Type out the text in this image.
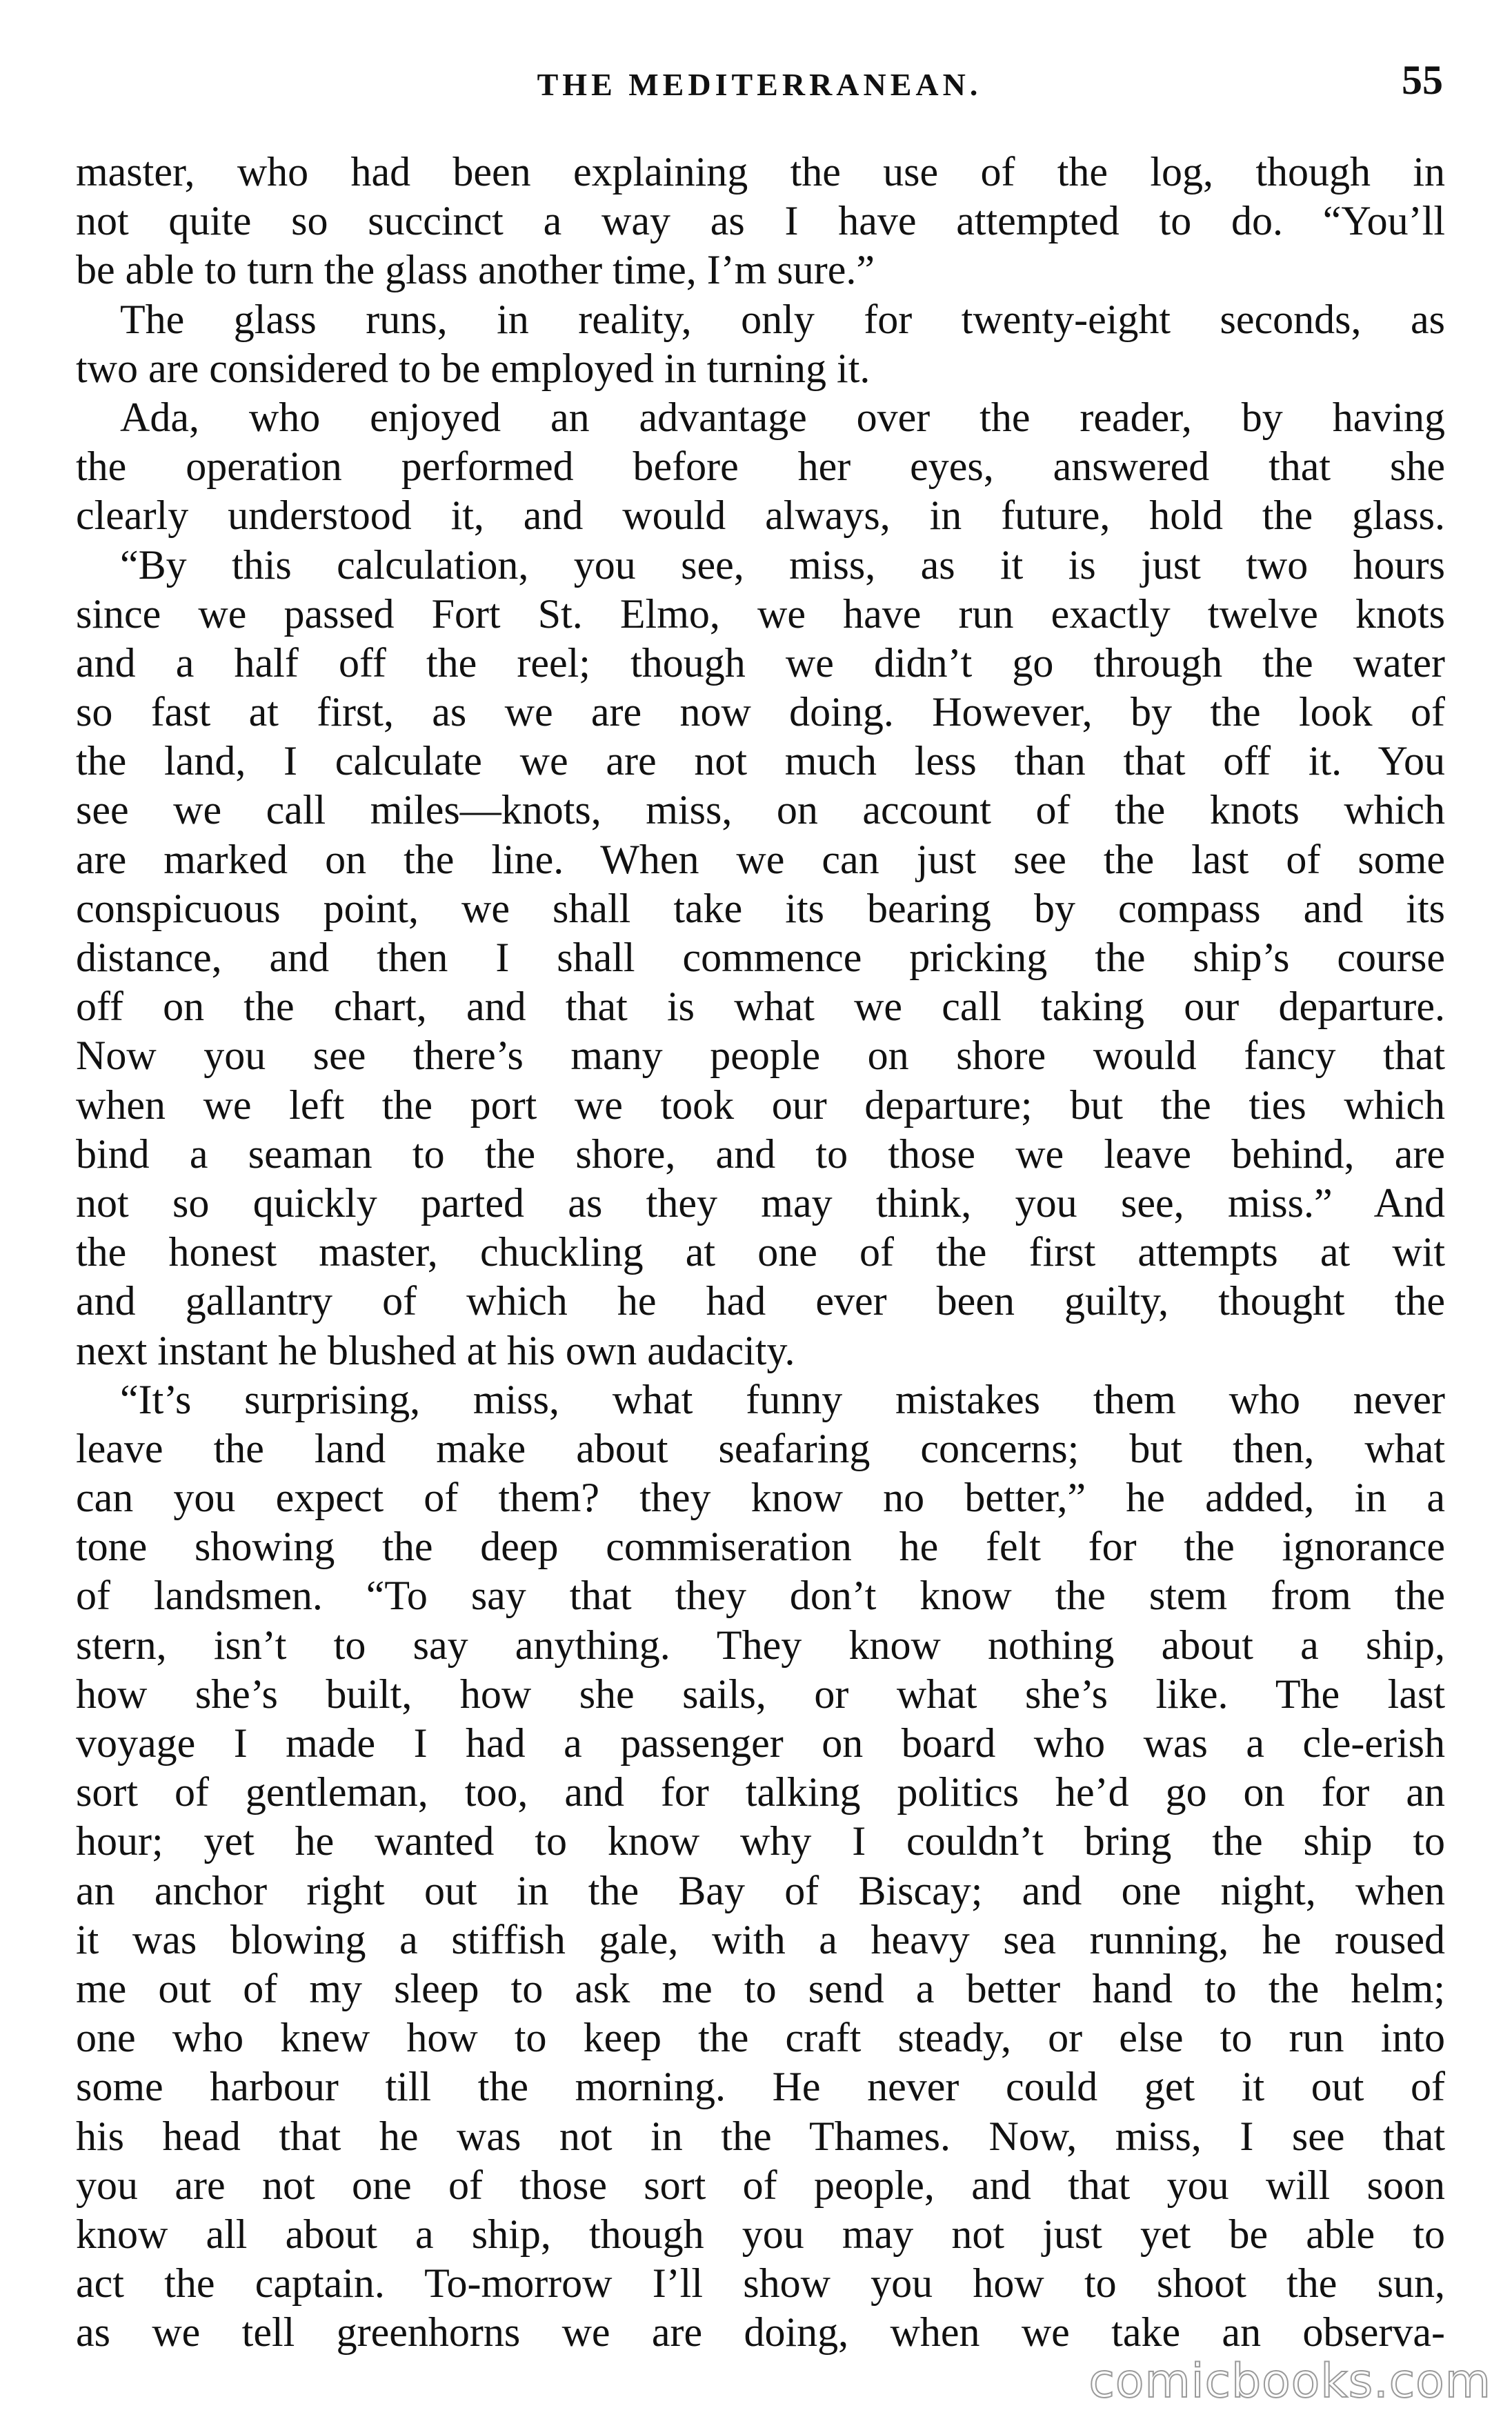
THE MEDITERRANEAN.	55
master, who had been explaining the use of the log, though in
not quite so succinct a way as I have attempted to do. “You’ll
be able to turn the glass another time, I’m sure.”
The glass runs, in reality, only for twenty-eight seconds, as
two are considered to be employed in turning it.
Ada, who enjoyed an advantage over the reader, by having
the operation performed before her eyes, answered that she
clearly understood it, and would always, in future, hold the glass.
“By this calculation, you see, miss, as it is just two hours
since we passed Fort St. Elmo, we have run exactly twelve knots
and a half off the reel; though we didn’t go through the water
so fast at first, as we are now doing. However, by the look of
the land, I calculate we are not much less than that off it. You
see we call miles—knots, miss, on account of the knots which
are marked on the line. When we can just see the last of some
conspicuous point, we shall take its bearing by compass and its
distance, and then I shall commence pricking the ship’s course
off on the chart, and that is what we call taking our departure.
Now you see there’s many people on shore would fancy that
when we left the port we took our departure; but the ties which
bind a seaman to the shore, and to those we leave behind, are
not so quickly parted as they may think, you see, miss.” And
the honest master, chuckling at one of the first attempts at wit
and gallantry of which he had ever been guilty, thought the
next instant he blushed at his own audacity.
“It’s surprising, miss, what funny mistakes them who never
leave the land make about seafaring concerns; but then, what
can you expect of them? they know no better,” he added, in a
tone showing the deep commiseration he felt for the ignorance
of landsmen. “To say that they don’t know the stem from the
stern, isn’t to say anything. They know nothing about a ship,
how she’s built, how she sails, or what she’s like. The last
voyage I made I had a passenger on board who was a cle-erish
sort of gentleman, too, and for talking politics he’d go on for an
hour; yet he wanted to know why I couldn’t bring the ship to
an anchor right out in the Bay of Biscay; and one night, when
it was blowing a stiffish gale, with a heavy sea running, he roused
me out of my sleep to ask me to send a better hand to the helm;
one who knew how to keep the craft steady, or else to run into
some harbour till the morning. He never could get it out of
his head that he was not in the Thames. Now, miss, I see that
you are not one of those sort of people, and that you will soon
know all about a ship, though you may not just yet be able to
act the captain. To-morrow I’ll show you how to shoot the sun,
as we tell greenhorns we are doing, when we take an observa-
comicbooks.com
